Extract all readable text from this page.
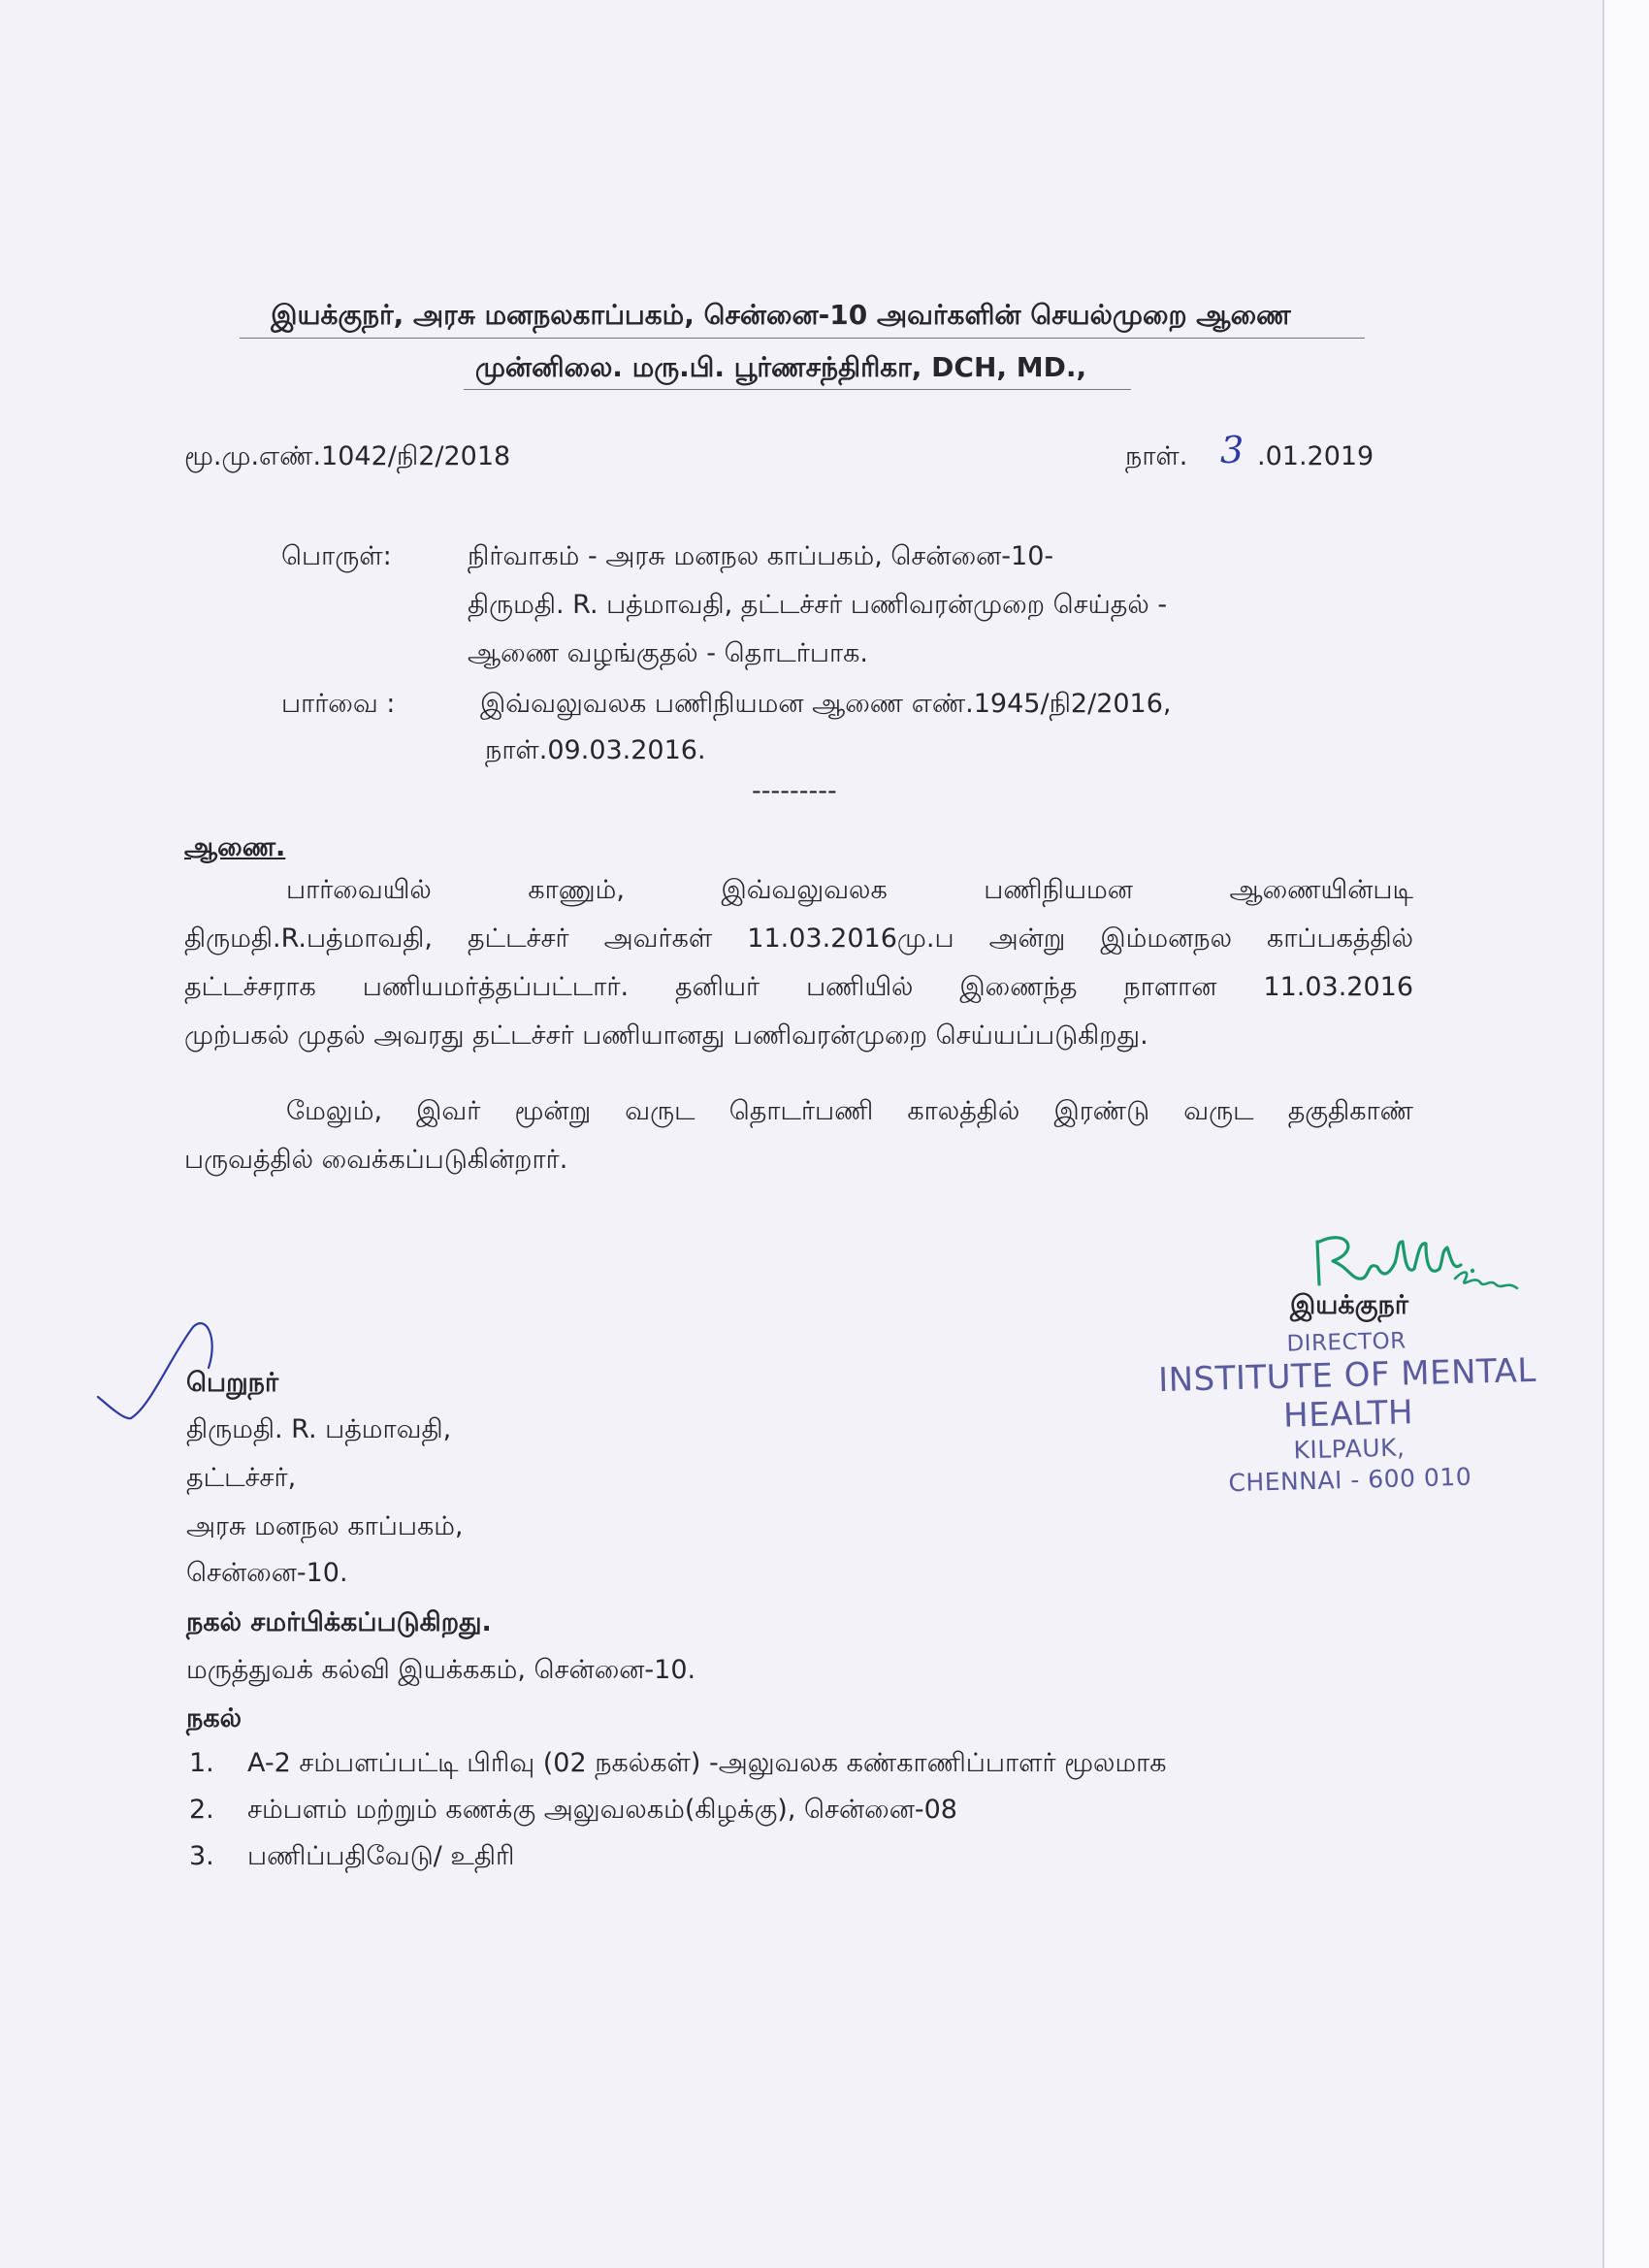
இயக்குநர், அரசு மனநலகாப்பகம், சென்னை-10 அவர்களின் செயல்முறை ஆணை
முன்னிலை. மரு.பி. பூர்ணசந்திரிகா, DCH, MD.,
மூ.மு.எண்.1042/நி2/2018	நாள். 3 .01.2019
பொருள்:	நிர்வாகம் - அரசு மனநல காப்பகம், சென்னை-10-
திருமதி. R. பத்மாவதி, தட்டச்சர் பணிவரன்முறை செய்தல் -
ஆணை வழங்குதல் - தொடர்பாக.
பார்வை :	இவ்வலுவலக பணிநியமன ஆணை எண்.1945/நி2/2016,
நாள்.09.03.2016.
---------
ஆணை.
பார்வையில் காணும், இவ்வலுவலக பணிநியமன ஆணையின்படி
திருமதி.R.பத்மாவதி, தட்டச்சர் அவர்கள் 11.03.2016மு.ப அன்று இம்மனநல காப்பகத்தில்
தட்டச்சராக பணியமர்த்தப்பட்டார். தனியர் பணியில் இணைந்த நாளான 11.03.2016
முற்பகல் முதல் அவரது தட்டச்சர் பணியானது பணிவரன்முறை செய்யப்படுகிறது.
மேலும், இவர் மூன்று வருட தொடர்பணி காலத்தில் இரண்டு வருட தகுதிகாண்
பருவத்தில் வைக்கப்படுகின்றார்.
இயக்குநர்
DIRECTOR
INSTITUTE OF MENTAL HEALTH
KILPAUK,
CHENNAI - 600 010
பெறுநர்
திருமதி. R. பத்மாவதி,
தட்டச்சர்,
அரசு மனநல காப்பகம்,
சென்னை-10.
நகல் சமர்பிக்கப்படுகிறது.
மருத்துவக் கல்வி இயக்ககம், சென்னை-10.
நகல்
1. A-2 சம்பளப்பட்டி பிரிவு (02 நகல்கள்) -அலுவலக கண்காணிப்பாளர் மூலமாக
2. சம்பளம் மற்றும் கணக்கு அலுவலகம்(கிழக்கு), சென்னை-08
3. பணிப்பதிவேடு/ உதிரி
